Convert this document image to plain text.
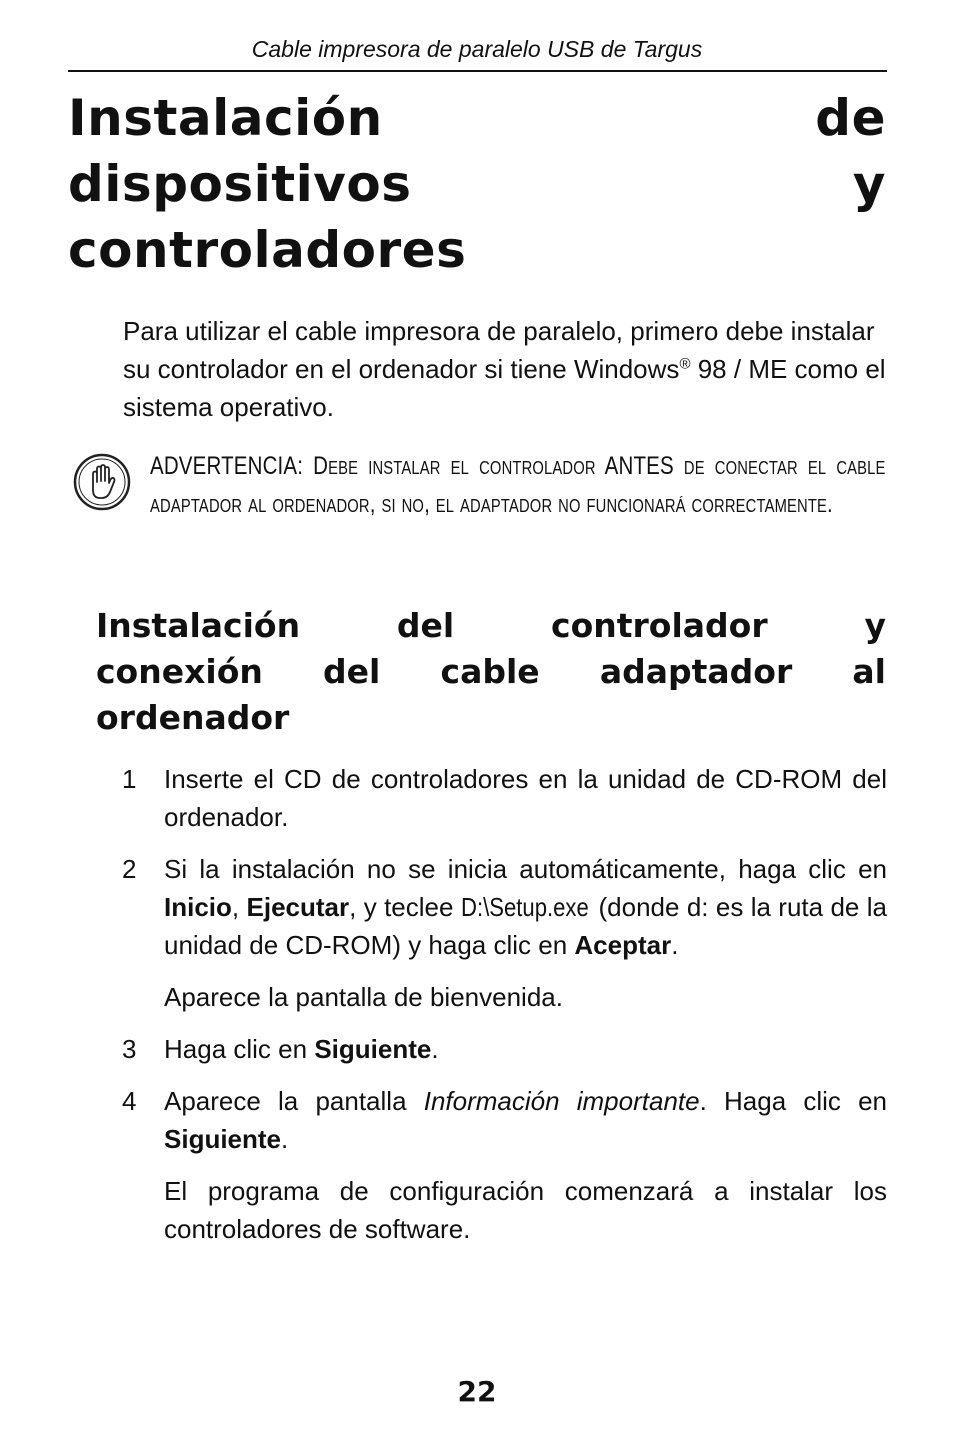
Cable impresora de paralelo USB de Targus
Instalación	de
dispositivos	y
controladores

Para utilizar el cable impresora de paralelo, primero debe instalar su controlador en el ordenador si tiene Windows® 98 / ME como el sistema operativo.

ADVERTENCIA: Debe instalar el controlador ANTES de conectar el cable adaptador al ordenador, si no, el adaptador no funcionará correctamente.

Instalación	del	controlador	y
conexión del cable adaptador al
ordenador
1 Inserte el CD de controladores en la unidad de CD-ROM del ordenador.
2 Si la instalación no se inicia automáticamente, haga clic en Inicio, Ejecutar, y teclee D:\Setup.exe (donde d: es la ruta de la unidad de CD-ROM) y haga clic en Aceptar.
Aparece la pantalla de bienvenida.
3 Haga clic en Siguiente.
4 Aparece la pantalla Información importante. Haga clic en Siguiente.
El programa de configuración comenzará a instalar los controladores de software.
22
